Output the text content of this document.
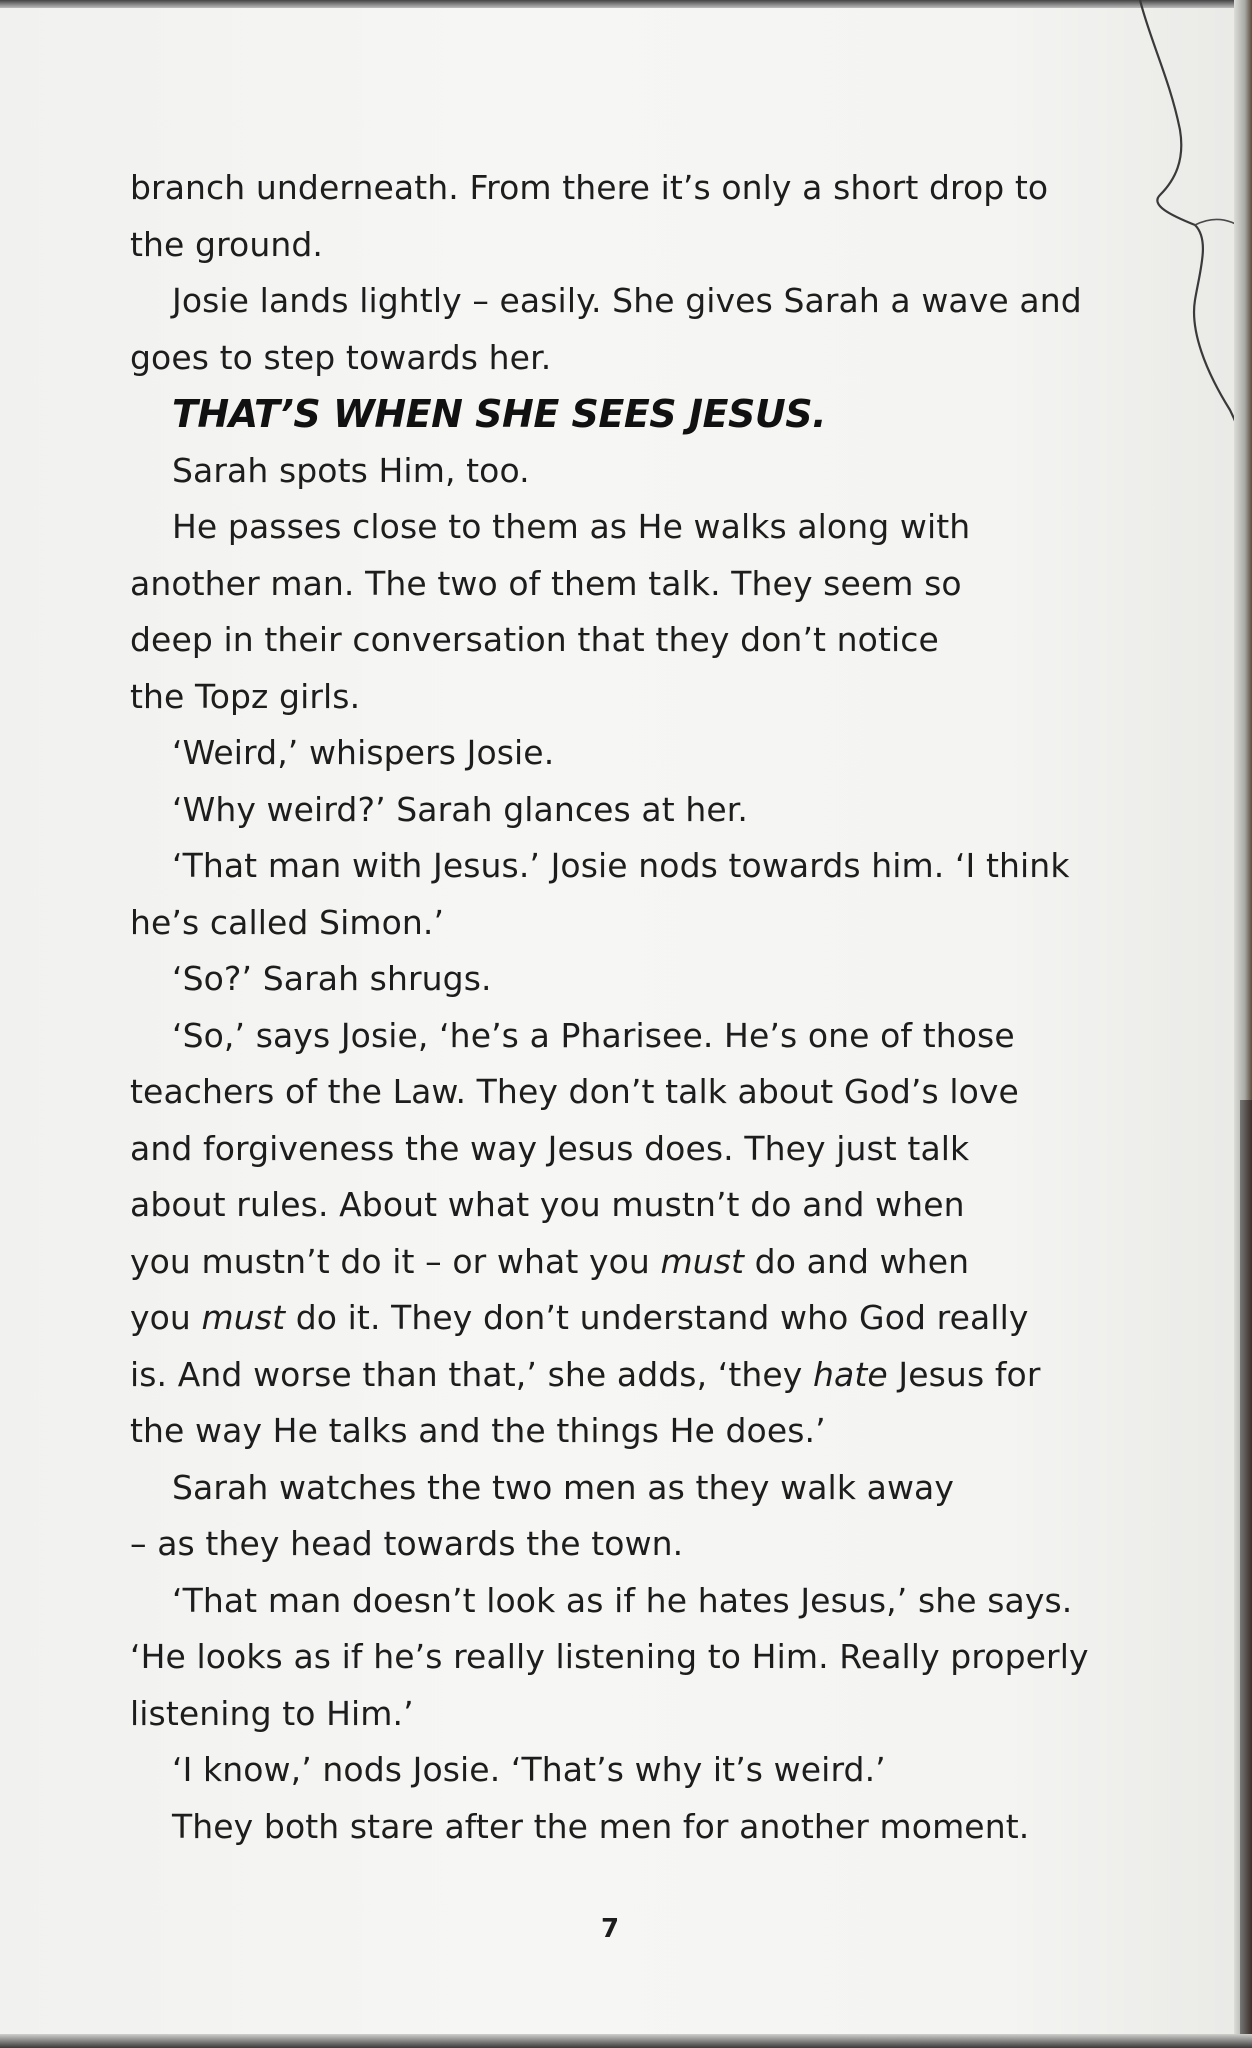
branch underneath. From there it’s only a short drop to
the ground.
Josie lands lightly – easily. She gives Sarah a wave and
goes to step towards her.
THAT’S WHEN SHE SEES JESUS.
Sarah spots Him, too.
He passes close to them as He walks along with
another man. The two of them talk. They seem so
deep in their conversation that they don’t notice
the Topz girls.
‘Weird,’ whispers Josie.
‘Why weird?’ Sarah glances at her.
‘That man with Jesus.’ Josie nods towards him. ‘I think
he’s called Simon.’
‘So?’ Sarah shrugs.
‘So,’ says Josie, ‘he’s a Pharisee. He’s one of those
teachers of the Law. They don’t talk about God’s love
and forgiveness the way Jesus does. They just talk
about rules. About what you mustn’t do and when
you mustn’t do it – or what you must do and when
you must do it. They don’t understand who God really
is. And worse than that,’ she adds, ‘they hate Jesus for
the way He talks and the things He does.’
Sarah watches the two men as they walk away
– as they head towards the town.
‘That man doesn’t look as if he hates Jesus,’ she says.
‘He looks as if he’s really listening to Him. Really properly
listening to Him.’
‘I know,’ nods Josie. ‘That’s why it’s weird.’
They both stare after the men for another moment.
7
